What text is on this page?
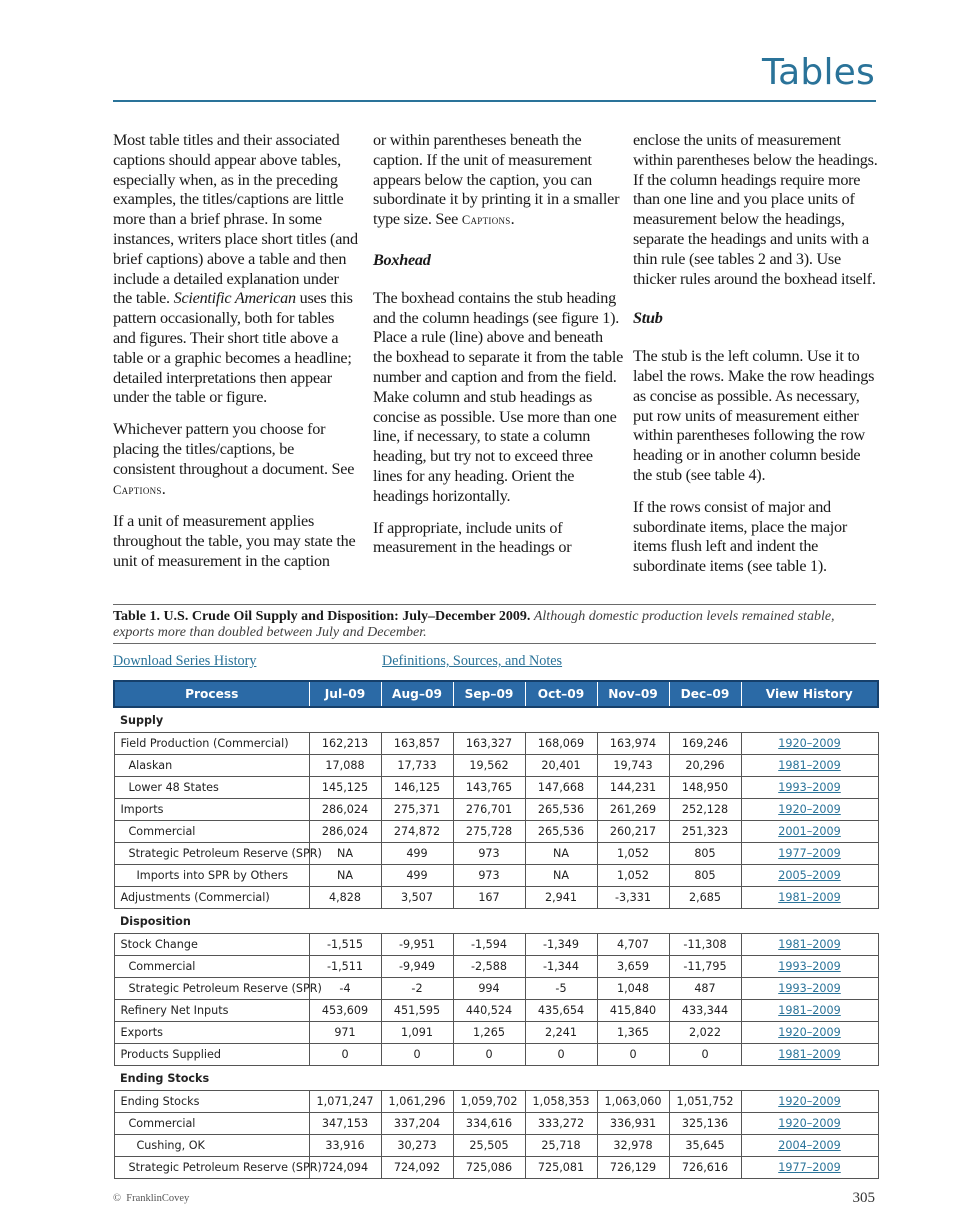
Tables

Most table titles and their associated captions should appear above tables, especially when, as in the preceding examples, the titles/captions are little more than a brief phrase. In some instances, writers place short titles (and brief captions) above a table and then include a detailed explanation under the table. Scientific American uses this pattern occasionally, both for tables and figures. Their short title above a table or a graphic becomes a headline; detailed interpretations then appear under the table or figure.

Whichever pattern you choose for placing the titles/captions, be consistent throughout a document. See Captions.

If a unit of measurement applies throughout the table, you may state the unit of measurement in the caption

or within parentheses beneath the caption. If the unit of measurement appears below the caption, you can subordinate it by printing it in a smaller type size. See Captions.

Boxhead

The boxhead contains the stub heading and the column headings (see figure 1). Place a rule (line) above and beneath the boxhead to separate it from the table number and caption and from the field. Make column and stub headings as concise as possible. Use more than one line, if necessary, to state a column heading, but try not to exceed three lines for any heading. Orient the headings horizontally.

If appropriate, include units of measurement in the headings or

enclose the units of measurement within parentheses below the headings. If the column headings require more than one line and you place units of measurement below the headings, separate the headings and units with a thin rule (see tables 2 and 3). Use thicker rules around the boxhead itself.

Stub

The stub is the left column. Use it to label the rows. Make the row headings as concise as possible. As necessary, put row units of measurement either within parentheses following the row heading or in another column beside the stub (see table 4).

If the rows consist of major and subordinate items, place the major items flush left and indent the subordinate items (see table 1).

Table 1. U.S. Crude Oil Supply and Disposition: July–December 2009. Although domestic production levels remained stable, exports more than doubled between July and December.
Download Series History	Definitions, Sources, and Notes
Process	Jul–09	Aug–09	Sep–09	Oct–09	Nov–09	Dec–09	View History
Supply							
Field Production (Commercial)	162,213	163,857	163,327	168,069	163,974	169,246	1920–2009
Alaskan	17,088	17,733	19,562	20,401	19,743	20,296	1981–2009
Lower 48 States	145,125	146,125	143,765	147,668	144,231	148,950	1993–2009
Imports	286,024	275,371	276,701	265,536	261,269	252,128	1920–2009
Commercial	286,024	274,872	275,728	265,536	260,217	251,323	2001–2009
Strategic Petroleum Reserve (SPR)	NA	499	973	NA	1,052	805	1977–2009
Imports into SPR by Others	NA	499	973	NA	1,052	805	2005–2009
Adjustments (Commercial)	4,828	3,507	167	2,941	-3,331	2,685	1981–2009
Disposition							
Stock Change	-1,515	-9,951	-1,594	-1,349	4,707	-11,308	1981–2009
Commercial	-1,511	-9,949	-2,588	-1,344	3,659	-11,795	1993–2009
Strategic Petroleum Reserve (SPR)	-4	-2	994	-5	1,048	487	1993–2009
Refinery Net Inputs	453,609	451,595	440,524	435,654	415,840	433,344	1981–2009
Exports	971	1,091	1,265	2,241	1,365	2,022	1920–2009
Products Supplied	0	0	0	0	0	0	1981–2009
Ending Stocks							
Ending Stocks	1,071,247	1,061,296	1,059,702	1,058,353	1,063,060	1,051,752	1920–2009
Commercial	347,153	337,204	334,616	333,272	336,931	325,136	1920–2009
Cushing, OK	33,916	30,273	25,505	25,718	32,978	35,645	2004–2009
Strategic Petroleum Reserve (SPR)	724,094	724,092	725,086	725,081	726,129	726,616	1977–2009
© FranklinCovey	305
